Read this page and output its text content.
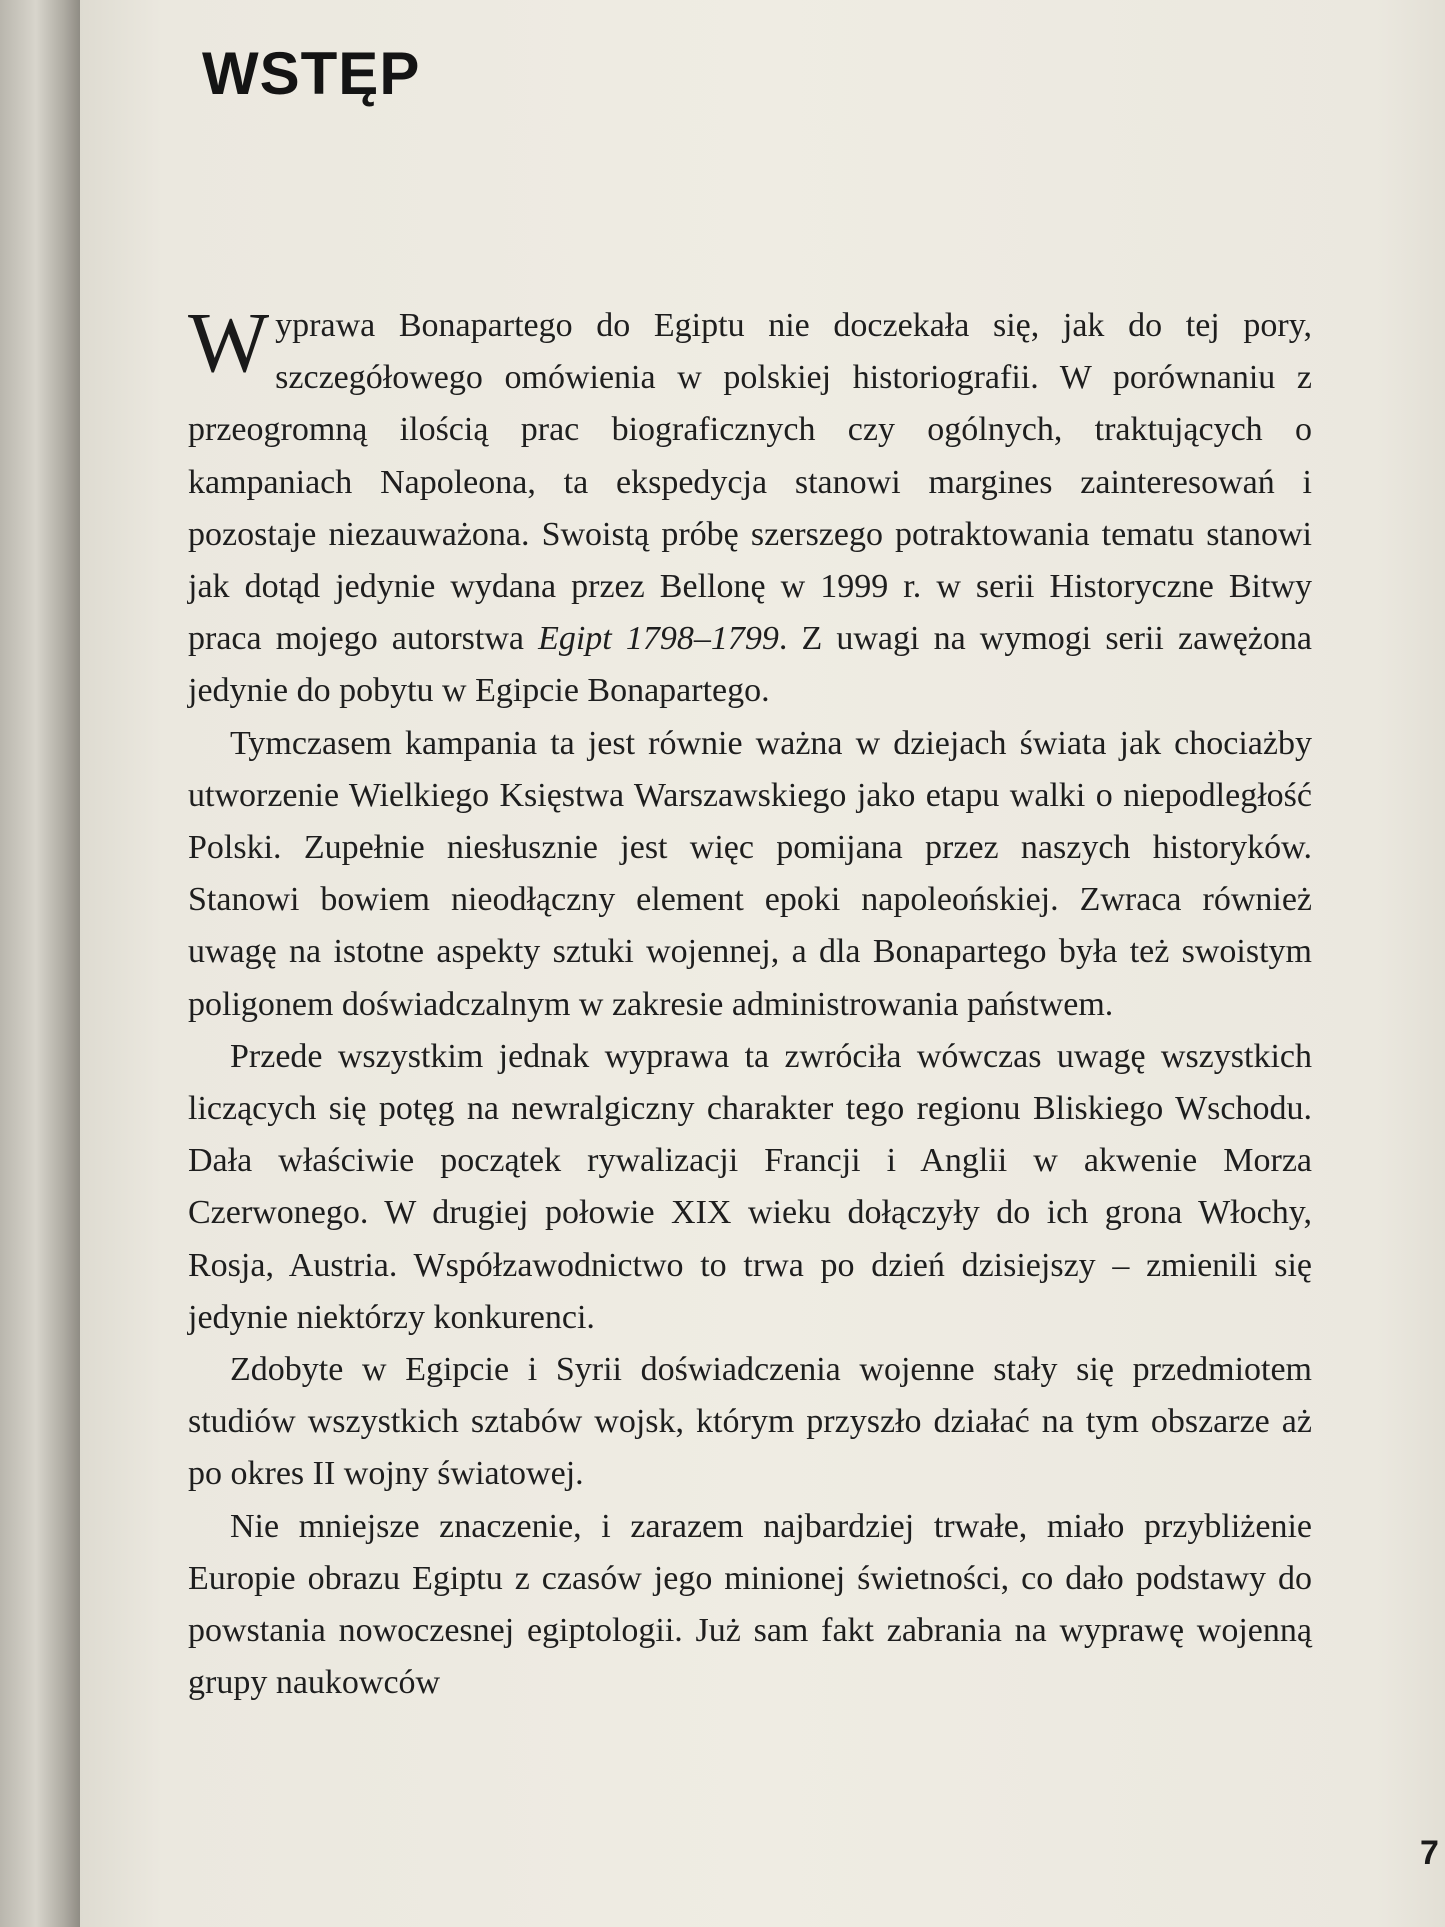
WSTĘP

Wyprawa Bonapartego do Egiptu nie doczekała się, jak do tej pory, szczegółowego omówienia w polskiej historiografii. W porównaniu z przeogromną ilością prac biograficznych czy ogólnych, traktujących o kampaniach Napoleona, ta ekspedycja stanowi margines zainteresowań i pozostaje niezauważona. Swoistą próbę szerszego potraktowania tematu stanowi jak dotąd jedynie wydana przez Bellonę w 1999 r. w serii Historyczne Bitwy praca mojego autorstwa Egipt 1798–1799. Z uwagi na wymogi serii zawężona jedynie do pobytu w Egipcie Bonapartego.

Tymczasem kampania ta jest równie ważna w dziejach świata jak chociażby utworzenie Wielkiego Księstwa Warszawskiego jako etapu walki o niepodległość Polski. Zupełnie niesłusznie jest więc pomijana przez naszych historyków. Stanowi bowiem nieodłączny element epoki napoleońskiej. Zwraca również uwagę na istotne aspekty sztuki wojennej, a dla Bonapartego była też swoistym poligonem doświadczalnym w zakresie administrowania państwem.

Przede wszystkim jednak wyprawa ta zwróciła wówczas uwagę wszystkich liczących się potęg na newralgiczny charakter tego regionu Bliskiego Wschodu. Dała właściwie początek rywalizacji Francji i Anglii w akwenie Morza Czerwonego. W drugiej połowie XIX wieku dołączyły do ich grona Włochy, Rosja, Austria. Współzawodnictwo to trwa po dzień dzisiejszy – zmienili się jedynie niektórzy konkurenci.

Zdobyte w Egipcie i Syrii doświadczenia wojenne stały się przedmiotem studiów wszystkich sztabów wojsk, którym przyszło działać na tym obszarze aż po okres II wojny światowej.

Nie mniejsze znaczenie, i zarazem najbardziej trwałe, miało przybliżenie Europie obrazu Egiptu z czasów jego minionej świetności, co dało podstawy do powstania nowoczesnej egiptologii. Już sam fakt zabrania na wyprawę wojenną grupy naukowców

7
